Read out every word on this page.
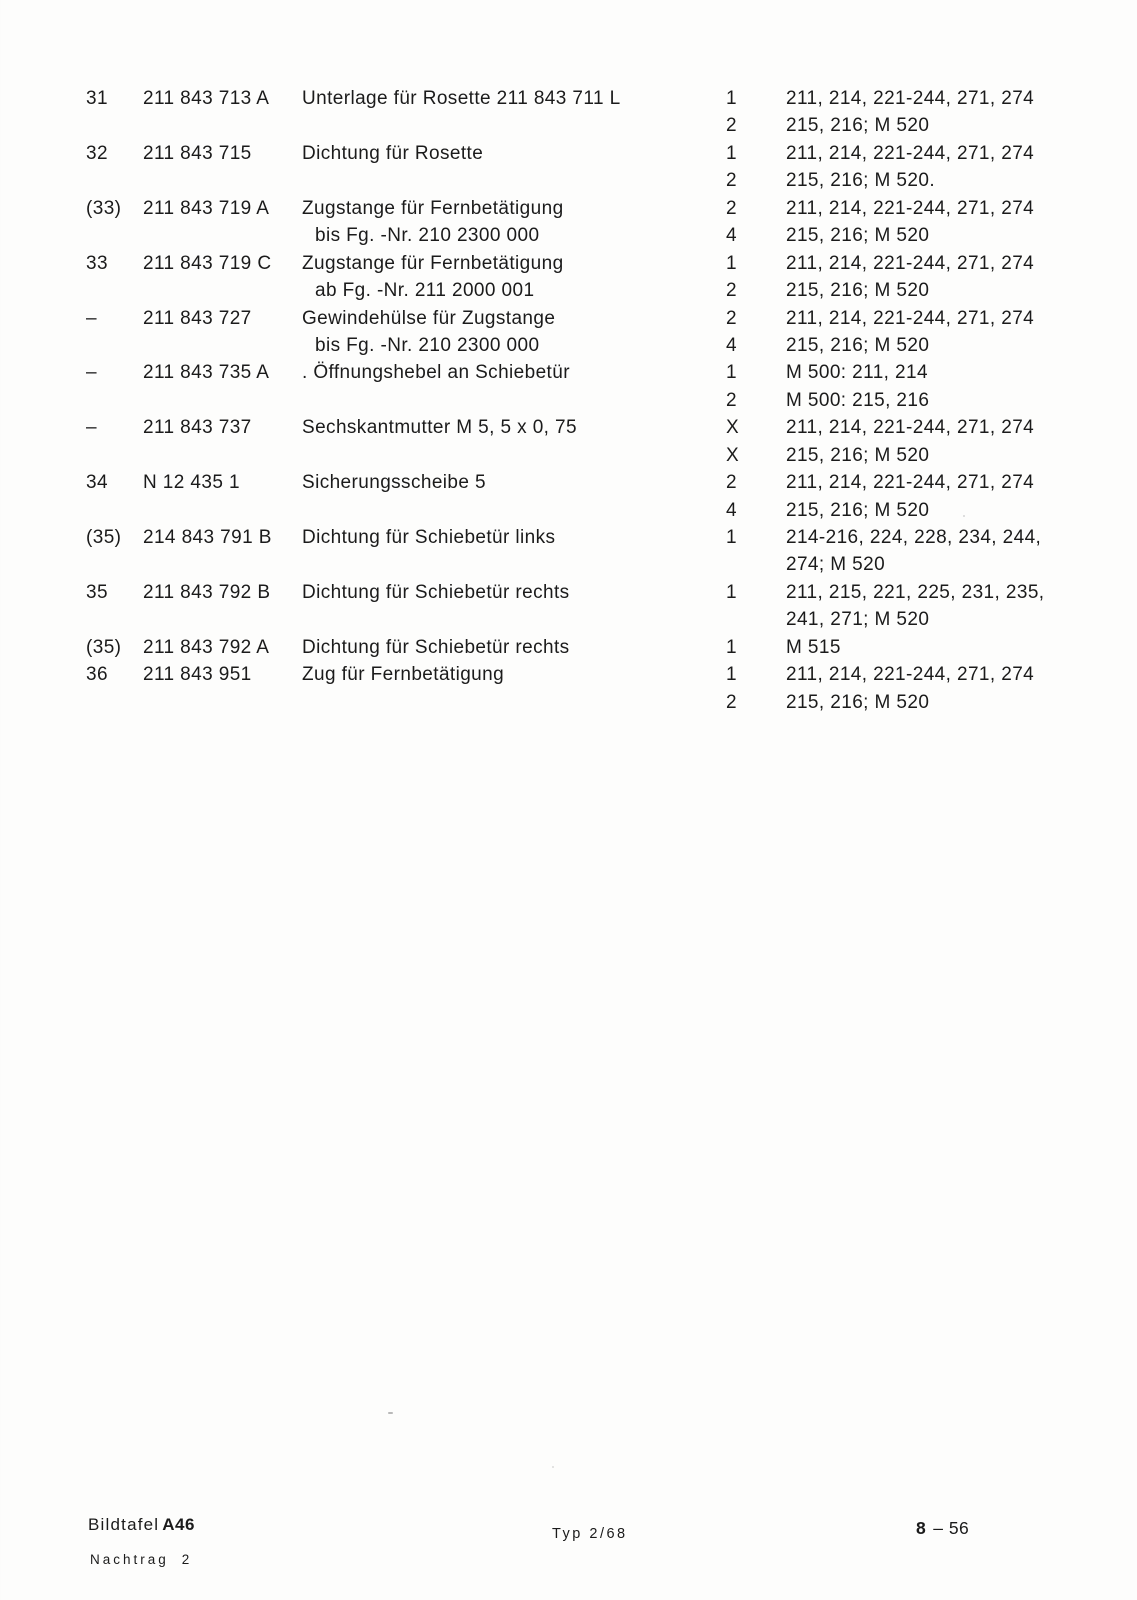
31	211 843 713 A	Unterlage für Rosette 211 843 711 L	1	211, 214, 221-244, 271, 274
2	215, 216; M 520
32	211 843 715	Dichtung für Rosette	1	211, 214, 221-244, 271, 274
2	215, 216; M 520.
(33)	211 843 719 A	Zugstange für Fernbetätigung	2	211, 214, 221-244, 271, 274
bis Fg. -Nr. 210 2300 000	4	215, 216; M 520
33	211 843 719 C	Zugstange für Fernbetätigung	1	211, 214, 221-244, 271, 274
ab Fg. -Nr. 211 2000 001	2	215, 216; M 520
–	211 843 727	Gewindehülse für Zugstange	2	211, 214, 221-244, 271, 274
bis Fg. -Nr. 210 2300 000	4	215, 216; M 520
–	211 843 735 A	. Öffnungshebel an Schiebetür	1	M 500: 211, 214
2	M 500: 215, 216
–	211 843 737	Sechskantmutter M 5, 5 x 0, 75	X	211, 214, 221-244, 271, 274
X	215, 216; M 520
34	N 12 435 1	Sicherungsscheibe 5	2	211, 214, 221-244, 271, 274
4	215, 216; M 520
(35)	214 843 791 B	Dichtung für Schiebetür links	1	214-216, 224, 228, 234, 244,
274; M 520
35	211 843 792 B	Dichtung für Schiebetür rechts	1	211, 215, 221, 225, 231, 235,
241, 271; M 520
(35)	211 843 792 A	Dichtung für Schiebetür rechts	1	M 515
36	211 843 951	Zug für Fernbetätigung	1	211, 214, 221-244, 271, 274
2	215, 216; M 520
Bildtafel A46
Nachtrag 2
Typ 2/68	8 – 56
